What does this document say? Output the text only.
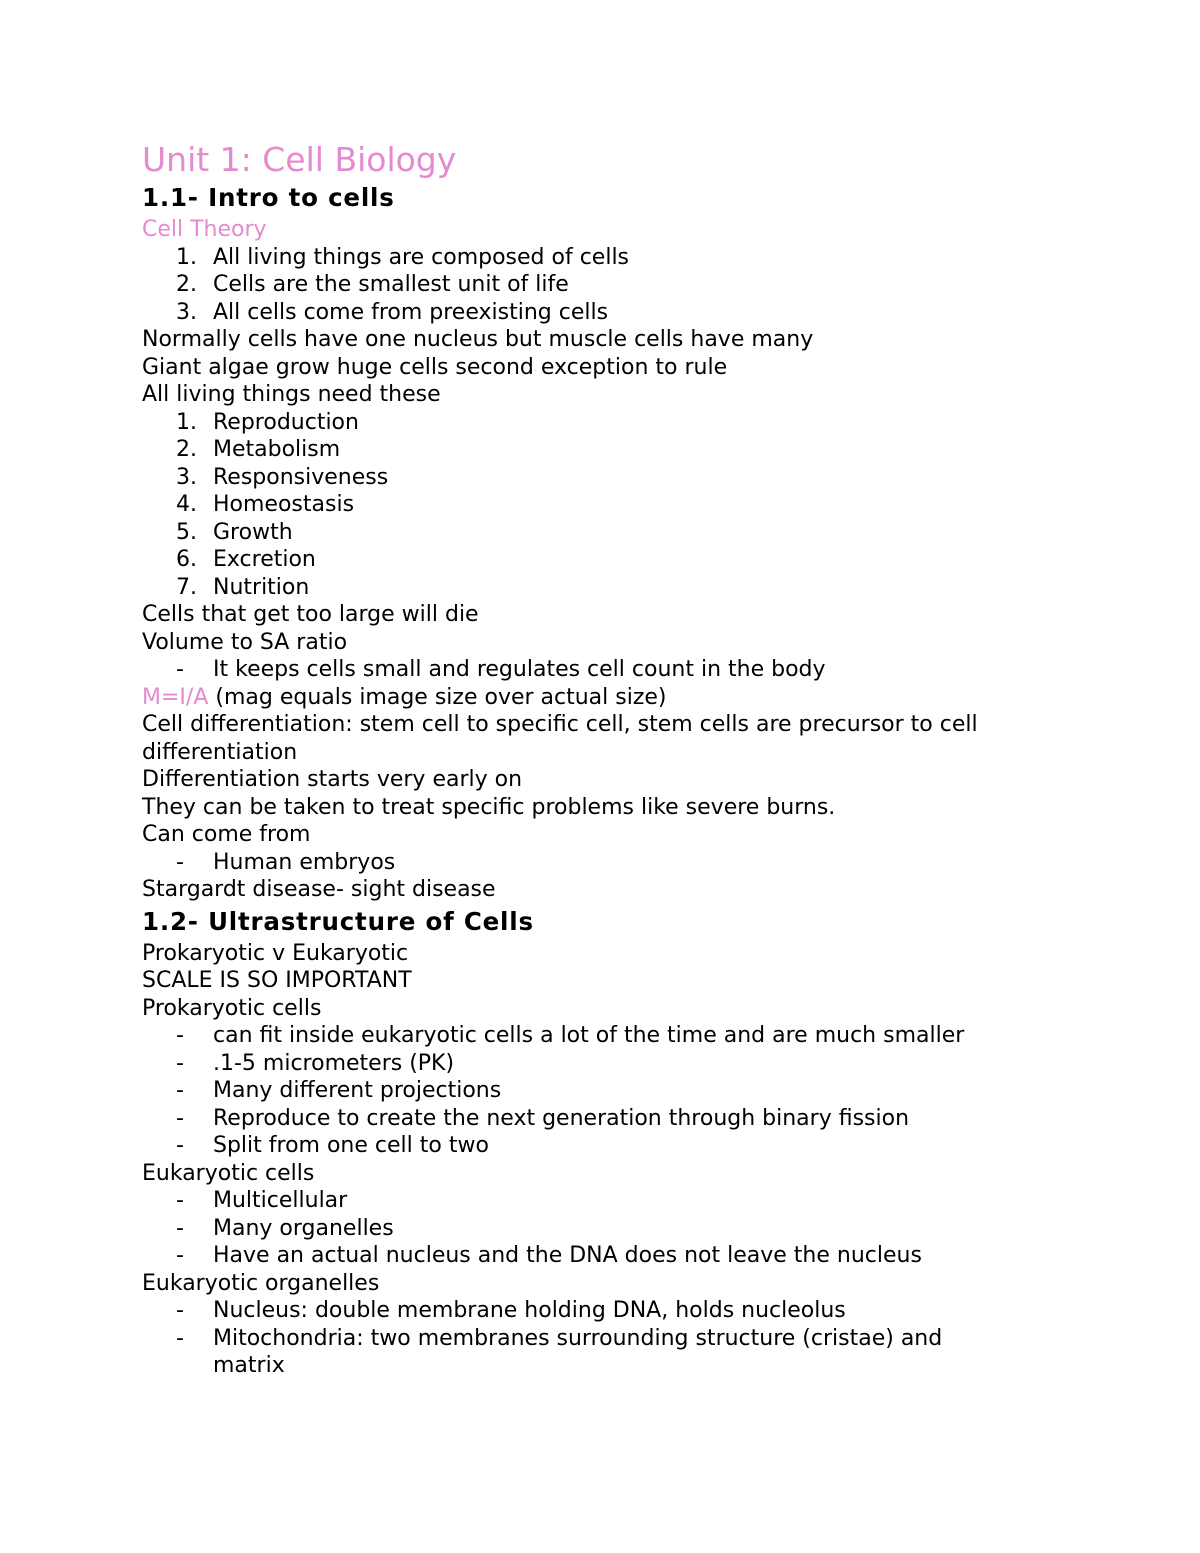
Unit 1: Cell Biology
1.1- Intro to cells

Cell Theory

1. All living things are composed of cells
2. Cells are the smallest unit of life
3. All cells come from preexisting cells

Normally cells have one nucleus but muscle cells have many

Giant algae grow huge cells second exception to rule

All living things need these

1. Reproduction
2. Metabolism
3. Responsiveness
4. Homeostasis
5. Growth
6. Excretion
7. Nutrition

Cells that get too large will die

Volume to SA ratio

- It keeps cells small and regulates cell count in the body

M=I/A (mag equals image size over actual size)

Cell differentiation: stem cell to specific cell, stem cells are precursor to cell

differentiation

Differentiation starts very early on

They can be taken to treat specific problems like severe burns.

Can come from

- Human embryos

Stargardt disease- sight disease

1.2- Ultrastructure of Cells

Prokaryotic v Eukaryotic

SCALE IS SO IMPORTANT

Prokaryotic cells

- can fit inside eukaryotic cells a lot of the time and are much smaller
- .1-5 micrometers (PK)
- Many different projections
- Reproduce to create the next generation through binary fission
- Split from one cell to two

Eukaryotic cells

- Multicellular
- Many organelles
- Have an actual nucleus and the DNA does not leave the nucleus

Eukaryotic organelles

- Nucleus: double membrane holding DNA, holds nucleolus
- Mitochondria: two membranes surrounding structure (cristae) and
matrix
